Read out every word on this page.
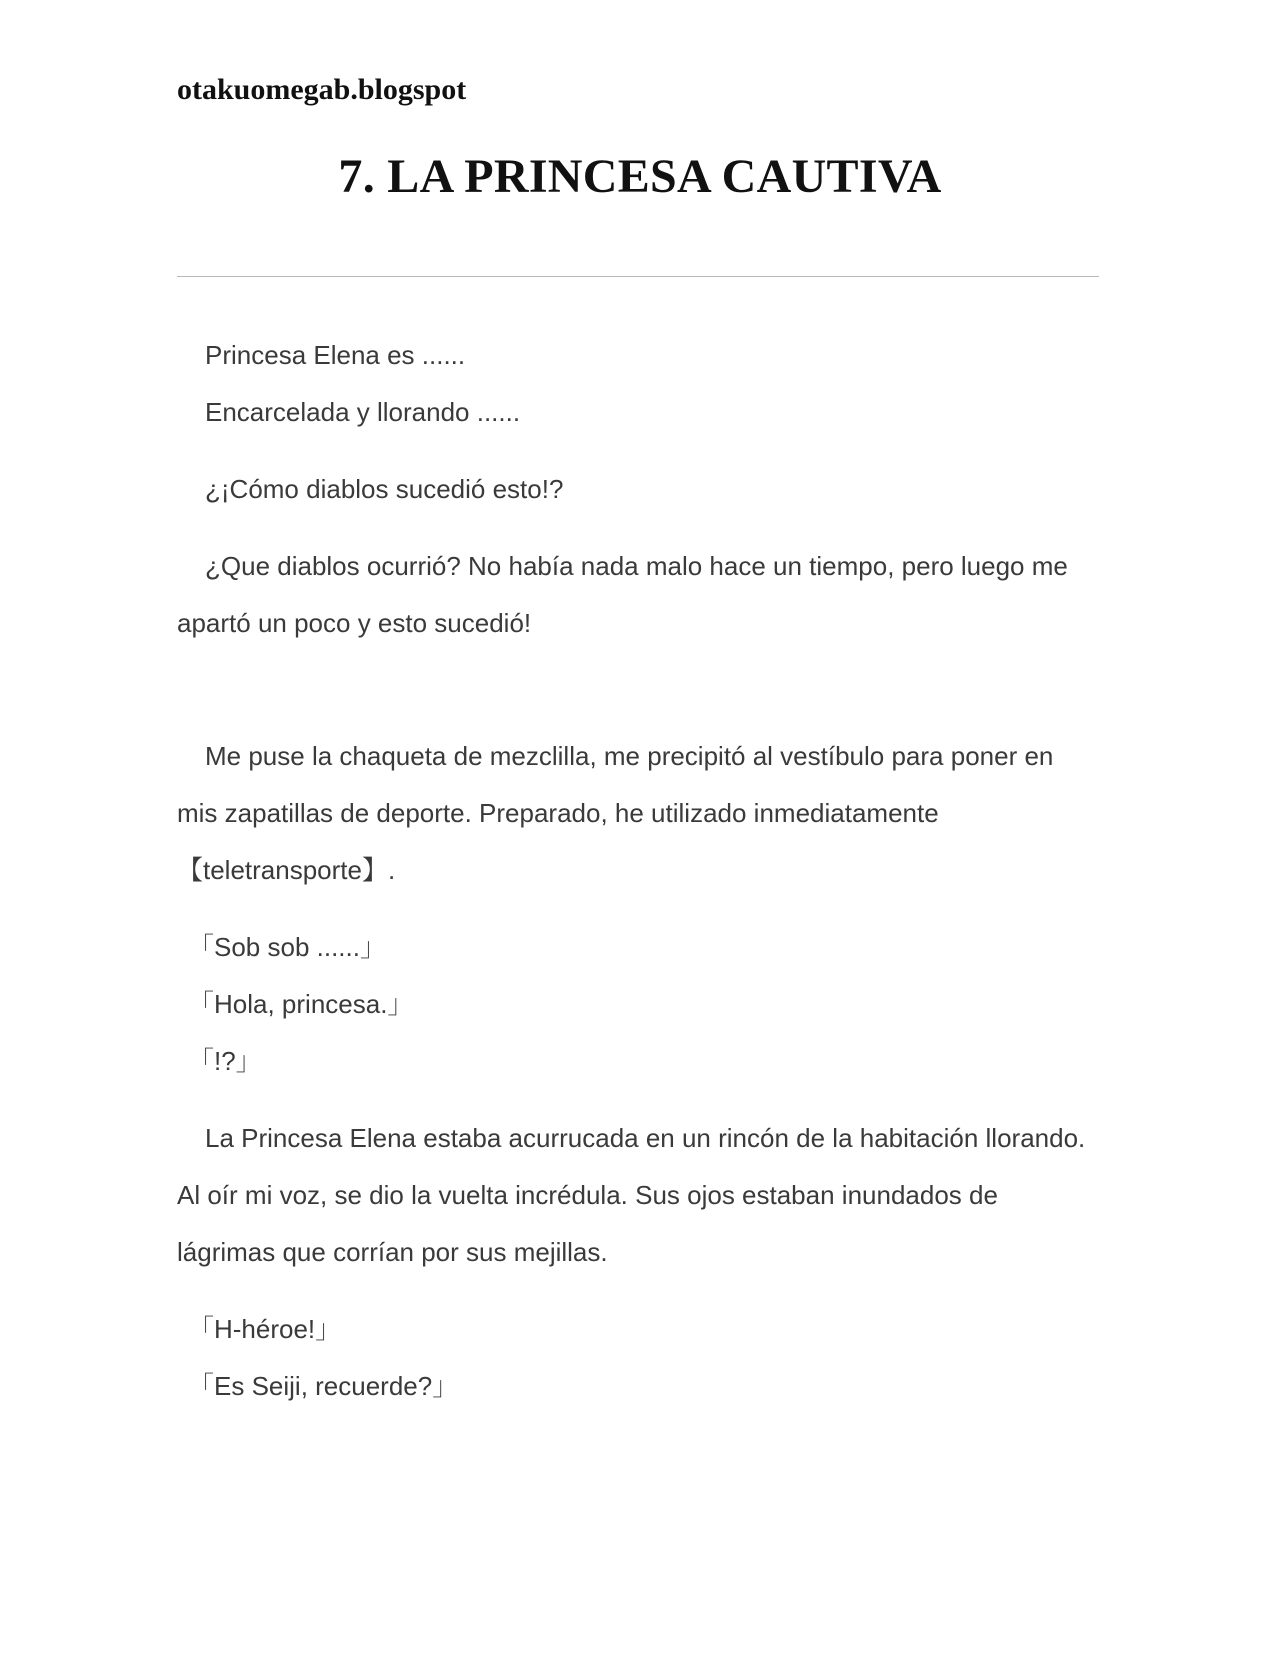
otakuomegab.blogspot
7. LA PRINCESA CAUTIVA

Princesa Elena es ......

Encarcelada y llorando ......

¿¡Cómo diablos sucedió esto!?

¿Que diablos ocurrió? No había nada malo hace un tiempo, pero luego me apartó un poco y esto sucedió!

Me puse la chaqueta de mezclilla, me precipitó al vestíbulo para poner en mis zapatillas de deporte. Preparado, he utilizado inmediatamente 【teletransporte】.

「Sob sob ......」

「Hola, princesa.」

「!?」

La Princesa Elena estaba acurrucada en un rincón de la habitación llorando. Al oír mi voz, se dio la vuelta incrédula. Sus ojos estaban inundados de lágrimas que corrían por sus mejillas.

「H-héroe!」

「Es Seiji, recuerde?」
